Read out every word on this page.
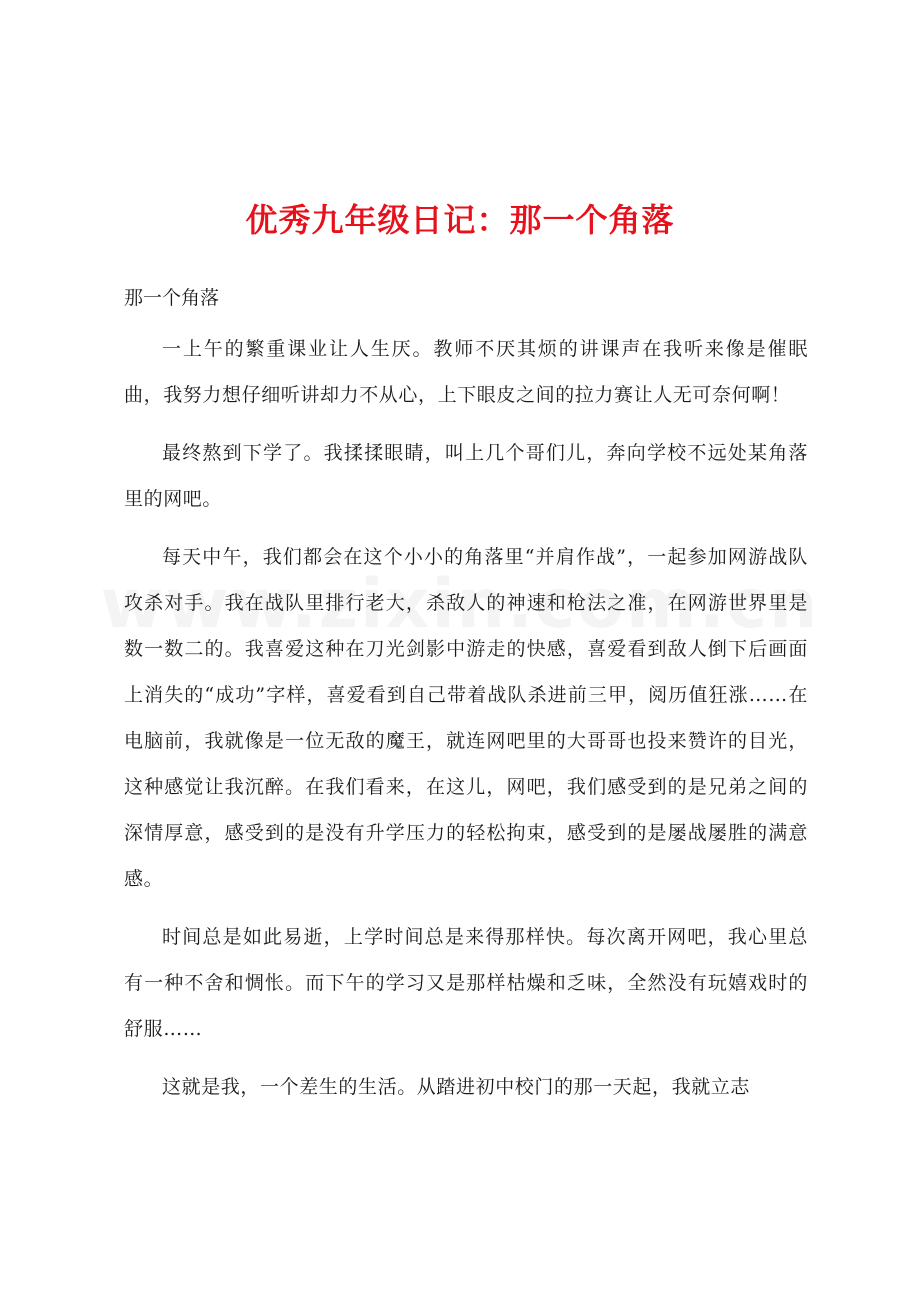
优秀九年级日记：那一个角落

那一个角落

一上午的繁重课业让人生厌。教师不厌其烦的讲课声在我听来像是催眠曲，我努力想仔细听讲却力不从心，上下眼皮之间的拉力赛让人无可奈何啊！

最终熬到下学了。我揉揉眼睛，叫上几个哥们儿，奔向学校不远处某角落里的网吧。

每天中午，我们都会在这个小小的角落里“并肩作战”，一起参加网游战队攻杀对手。我在战队里排行老大，杀敌人的神速和枪法之准，在网游世界里是数一数二的。我喜爱这种在刀光剑影中游走的快感，喜爱看到敌人倒下后画面上消失的“成功”字样，喜爱看到自己带着战队杀进前三甲，阅历值狂涨……在电脑前，我就像是一位无敌的魔王，就连网吧里的大哥哥也投来赞许的目光，这种感觉让我沉醉。在我们看来，在这儿，网吧，我们感受到的是兄弟之间的深情厚意，感受到的是没有升学压力的轻松拘束，感受到的是屡战屡胜的满意感。

时间总是如此易逝，上学时间总是来得那样快。每次离开网吧，我心里总有一种不舍和惆怅。而下午的学习又是那样枯燥和乏味，全然没有玩嬉戏时的舒服……

这就是我，一个差生的生活。从踏进初中校门的那一天起，我就立志
